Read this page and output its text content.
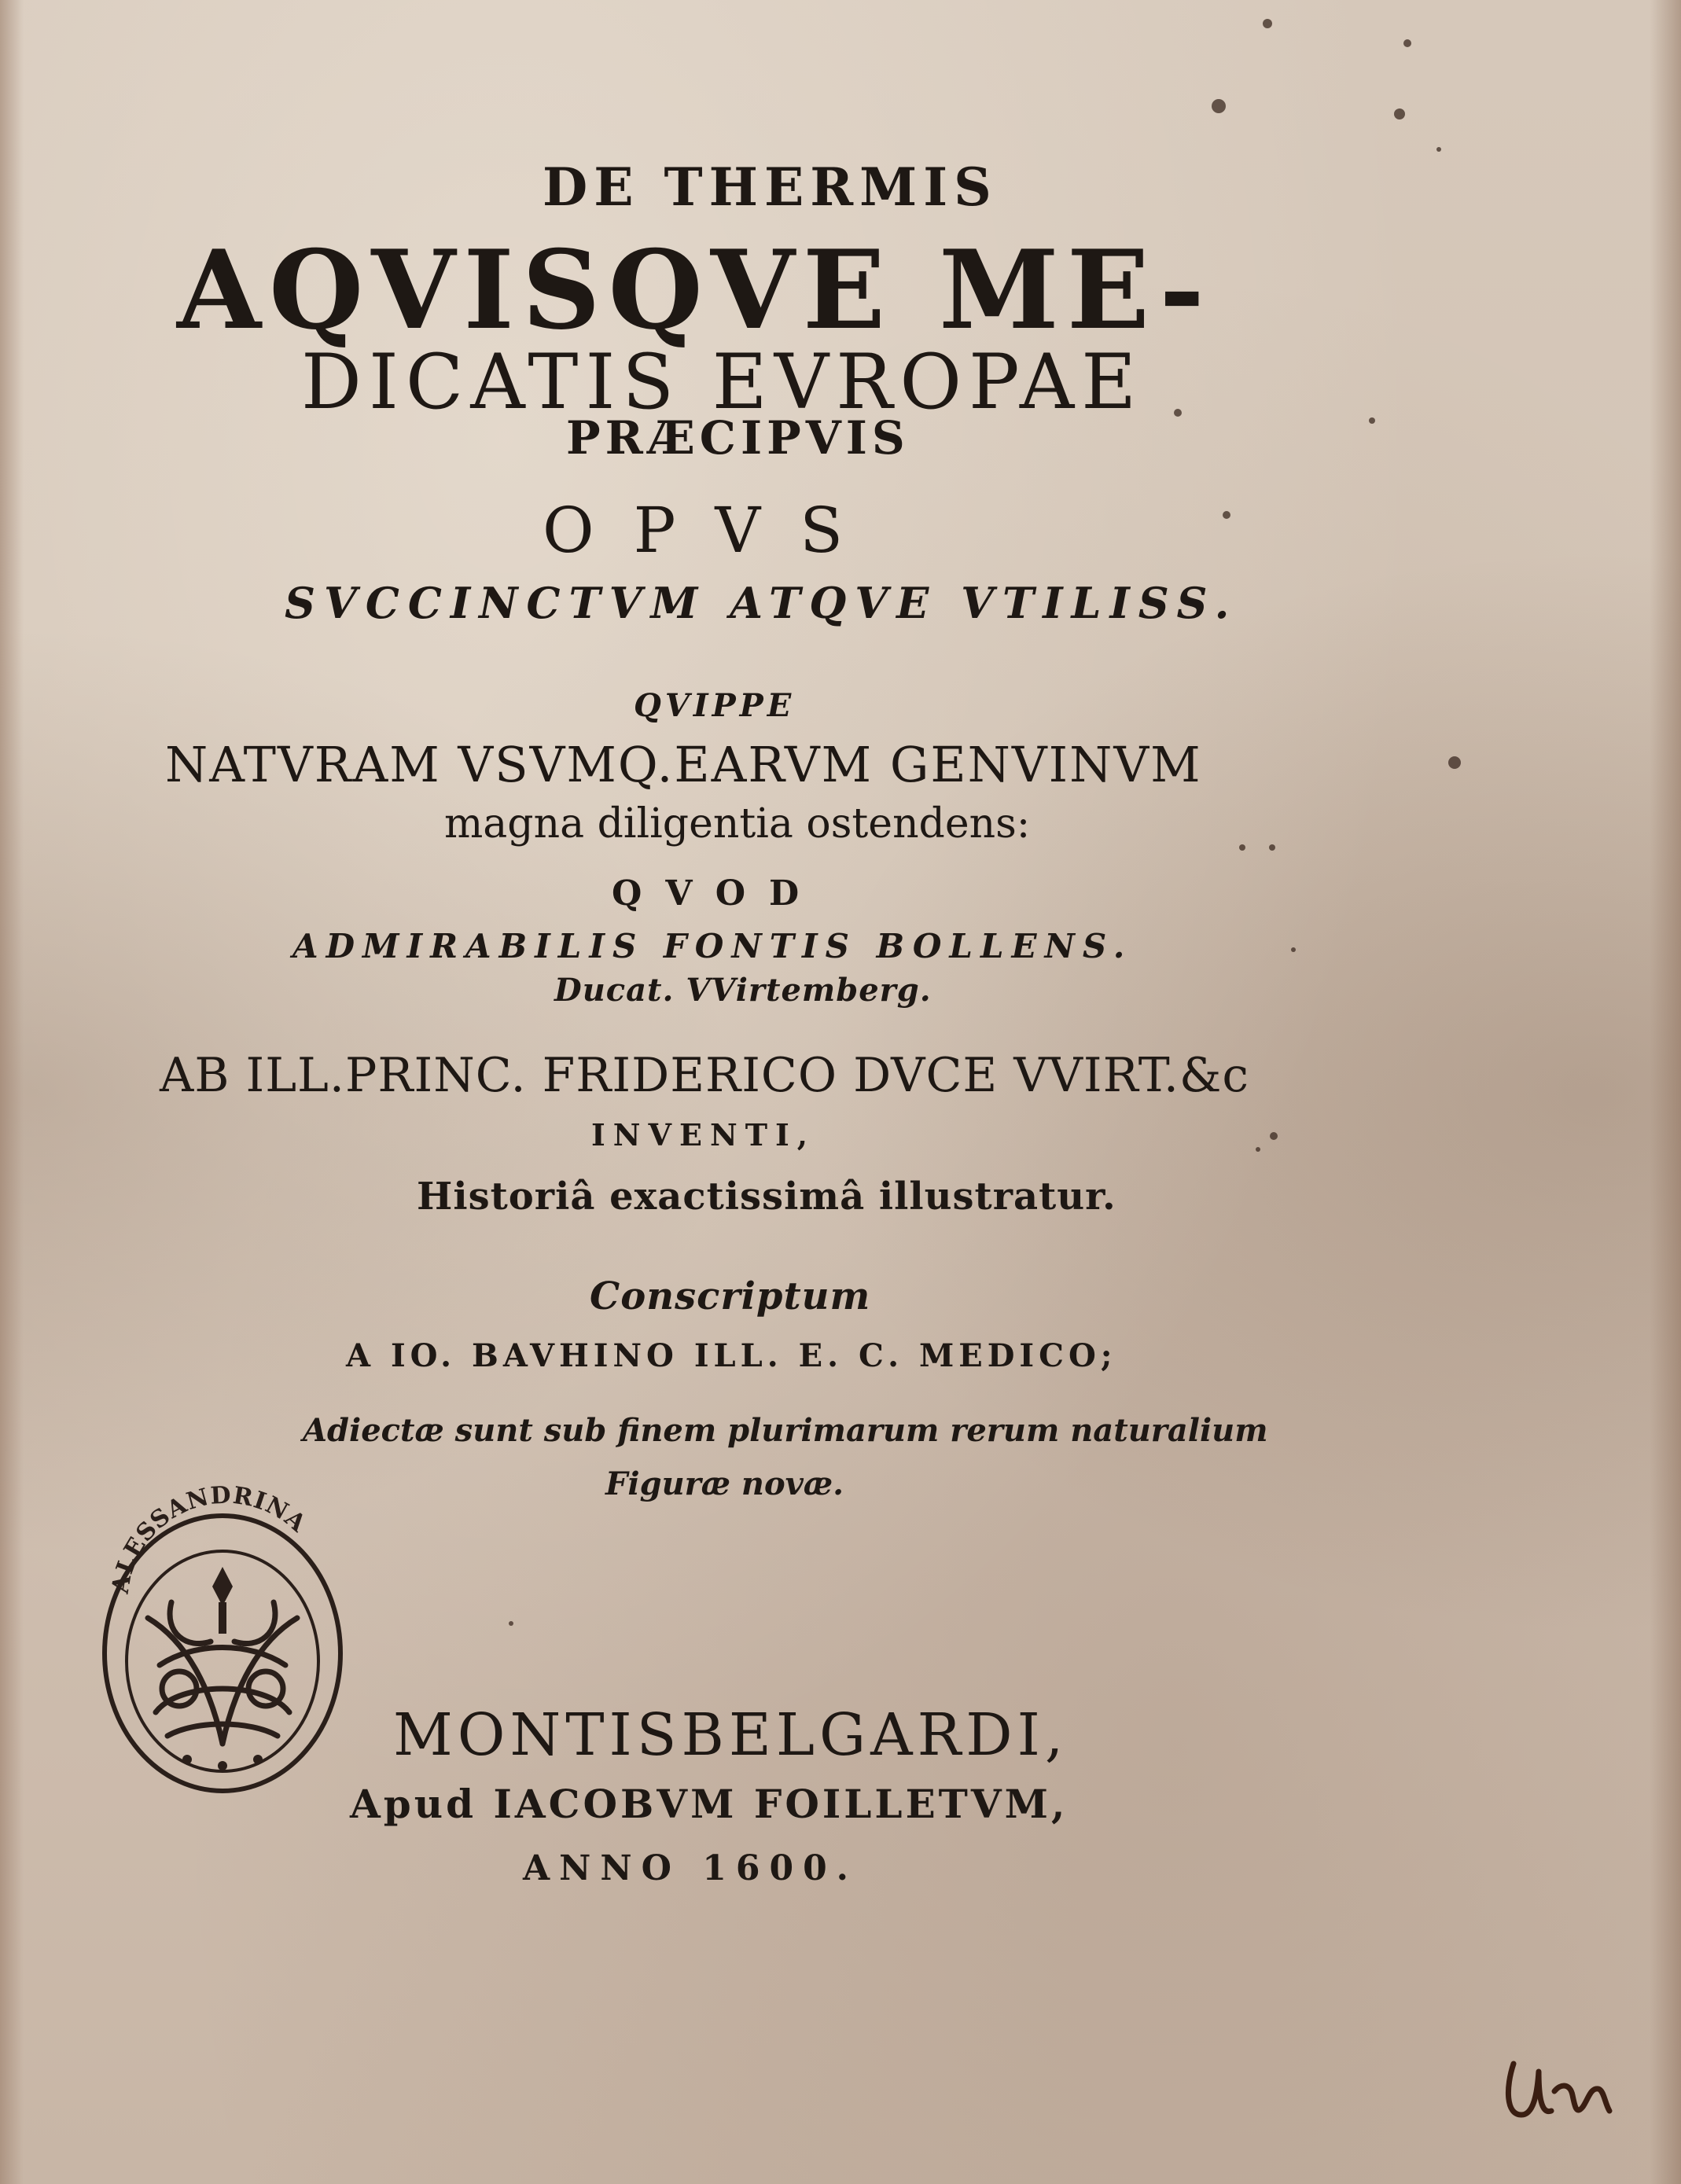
DE THERMIS
AQVISQVE ME-
DICATIS EVROPAE
PRÆCIPVIS
OPVS
SVCCINCTVM ATQVE VTILISS.
QVIPPE
NATVRAM VSVMQ.EARVM GENVINVM
magna diligentia ostendens:
QVOD
ADMIRABILIS FONTIS BOLLENS.
Ducat. VVirtemberg.
AB ILL.PRINC. FRIDERICO DVCE VVIRT.&c
INVENTI,
Historiâ exactissimâ illustratur.
Conscriptum
A IO. BAVHINO ILL. E. C. MEDICO;
Adiectæ sunt sub finem plurimarum rerum naturalium
Figuræ novæ.
MONTISBELGARDI,
Apud IACOBVM FOILLETVM,
ANNO 1600.
ALESSANDRINA
